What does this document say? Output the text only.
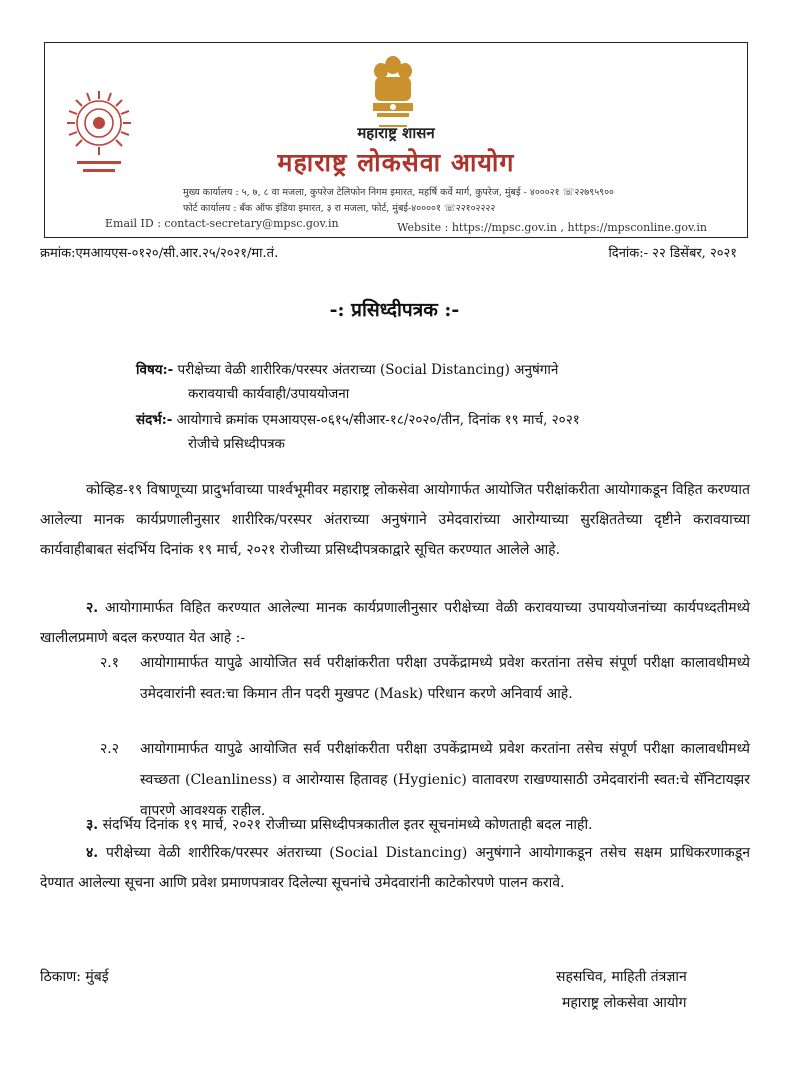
महाराष्ट्र शासन
महाराष्ट्र लोकसेवा आयोग
मुख्य कार्यालय : ५, ७, ८ वा मजला, कुपरेज टेलिफोन निगम इमारत, महर्षि कर्वे मार्ग, कुपरेज, मुंबई - ४०००२१ ☏२२७९५९००
फोर्ट कार्यालय : बँक ऑफ इंडिया इमारत, ३ रा मजला, फोर्ट, मुंबई-४००००१ ☏२२१०२२२२
Email ID : contact-secretary@mpsc.gov.in	Website : https://mpsc.gov.in , https://mpsconline.gov.in
क्रमांक:एमआयएस-०१२०/सी.आर.२५/२०२१/मा.तं.	दिनांक:- २२ डिसेंबर, २०२१
-: प्रसिध्दीपत्रक :-
विषय:- परीक्षेच्या वेळी शारीरिक/परस्पर अंतराच्या (Social Distancing) अनुषंगाने
करावयाची कार्यवाही/उपाययोजना
संदर्भ:- आयोगाचे क्रमांक एमआयएस-०६१५/सीआर-१८/२०२०/तीन, दिनांक १९ मार्च, २०२१
रोजीचे प्रसिध्दीपत्रक
कोव्हिड-१९ विषाणूच्या प्रादुर्भावाच्या पार्श्वभूमीवर महाराष्ट्र लोकसेवा आयोगार्फत आयोजित परीक्षांकरीता आयोगाकडून विहित करण्यात आलेल्या मानक कार्यप्रणालीनुसार शारीरिक/परस्पर अंतराच्या अनुषंगाने उमेदवारांच्या आरोग्याच्या सुरक्षिततेच्या दृष्टीने करावयाच्या कार्यवाहीबाबत संदर्भिय दिनांक १९ मार्च, २०२१ रोजीच्या प्रसिध्दीपत्रकाद्वारे सूचित करण्यात आलेले आहे.
२. आयोगामार्फत विहित करण्यात आलेल्या मानक कार्यप्रणालीनुसार परीक्षेच्या वेळी करावयाच्या उपाययोजनांच्या कार्यपध्दतीमध्ये खालीलप्रमाणे बदल करण्यात येत आहे :-
२.१ आयोगामार्फत यापुढे आयोजित सर्व परीक्षांकरीता परीक्षा उपकेंद्रामध्ये प्रवेश करतांना तसेच संपूर्ण परीक्षा कालावधीमध्ये उमेदवारांनी स्वत:चा किमान तीन पदरी मुखपट (Mask) परिधान करणे अनिवार्य आहे.
२.२ आयोगामार्फत यापुढे आयोजित सर्व परीक्षांकरीता परीक्षा उपकेंद्रामध्ये प्रवेश करतांना तसेच संपूर्ण परीक्षा कालावधीमध्ये स्वच्छता (Cleanliness) व आरोग्यास हितावह (Hygienic) वातावरण राखण्यासाठी उमेदवारांनी स्वत:चे सॅनिटायझर वापरणे आवश्यक राहील.
३. संदर्भिय दिनांक १९ मार्च, २०२१ रोजीच्या प्रसिध्दीपत्रकातील इतर सूचनांमध्ये कोणताही बदल नाही.
४. परीक्षेच्या वेळी शारीरिक/परस्पर अंतराच्या (Social Distancing) अनुषंगाने आयोगाकडून तसेच सक्षम प्राधिकरणाकडून देण्यात आलेल्या सूचना आणि प्रवेश प्रमाणपत्रावर दिलेल्या सूचनांचे उमेदवारांनी काटेकोरपणे पालन करावे.
ठिकाण: मुंबई	सहसचिव, माहिती तंत्रज्ञान
महाराष्ट्र लोकसेवा आयोग
